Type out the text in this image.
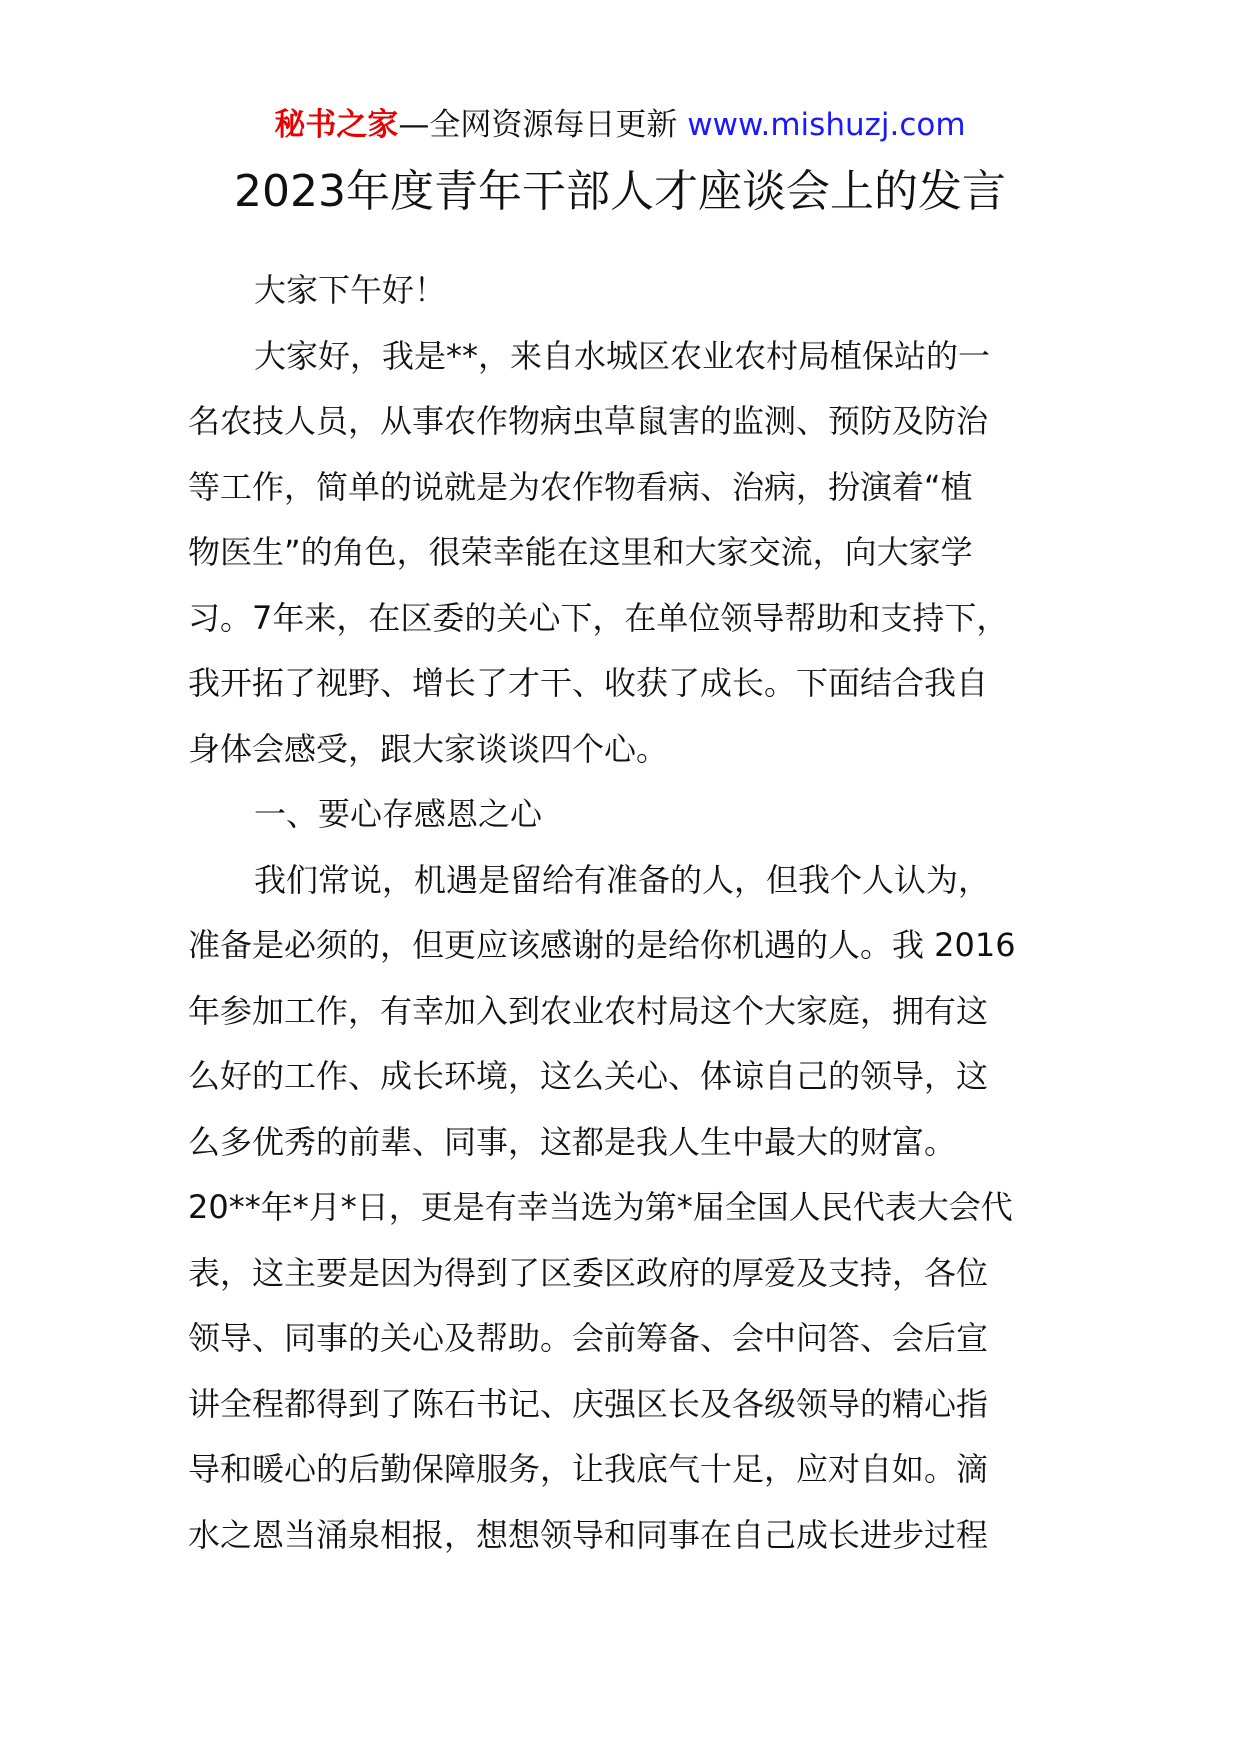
秘书之家—全网资源每日更新 www.mishuzj.com
2023年度青年干部人才座谈会上的发言
大家下午好！
大家好，我是**，来自水城区农业农村局植保站的一
名农技人员，从事农作物病虫草鼠害的监测、预防及防治
等工作，简单的说就是为农作物看病、治病，扮演着“植
物医生”的角色，很荣幸能在这里和大家交流，向大家学
习。7年来，在区委的关心下，在单位领导帮助和支持下，
我开拓了视野、增长了才干、收获了成长。下面结合我自
身体会感受，跟大家谈谈四个心。
一、要心存感恩之心
我们常说，机遇是留给有准备的人，但我个人认为，
准备是必须的，但更应该感谢的是给你机遇的人。我 2016
年参加工作，有幸加入到农业农村局这个大家庭，拥有这
么好的工作、成长环境，这么关心、体谅自己的领导，这
么多优秀的前辈、同事，这都是我人生中最大的财富。
20**年*月*日，更是有幸当选为第*届全国人民代表大会代
表，这主要是因为得到了区委区政府的厚爱及支持，各位
领导、同事的关心及帮助。会前筹备、会中问答、会后宣
讲全程都得到了陈石书记、庆强区长及各级领导的精心指
导和暖心的后勤保障服务，让我底气十足，应对自如。滴
水之恩当涌泉相报，想想领导和同事在自己成长进步过程
